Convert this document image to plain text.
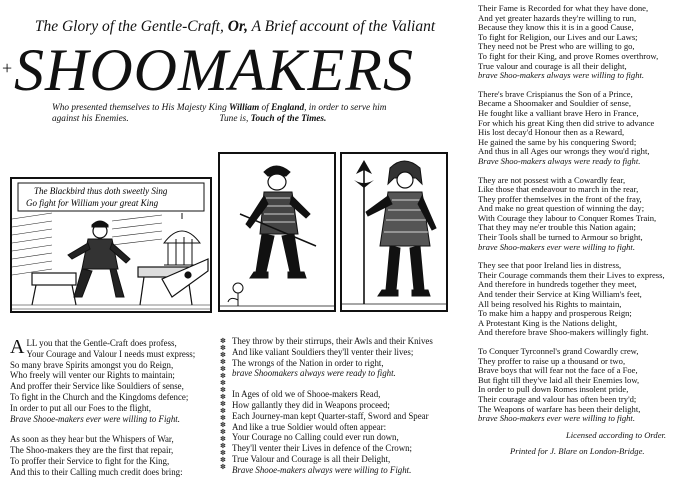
The Glory of the Gentle-Craft, Or, A Brief account of the Valiant
+ SHOOMAKERS
Who presented themselves to His Majesty King William of England, in order to serve him
against his Enemies.	Tune is, Touch of the Times.
The Blackbird thus doth sweetly Sing
Go fight for William your great King
A LL you that the Gentle-Craft does profess,

Your Courage and Valour I needs must express;

So many brave Spirits amongst you do Reign,

Who freely will venter our Rights to maintain;

And proffer their Service like Souldiers of sense,

To fight in the Church and the Kingdoms defence;

In order to put all our Foes to the flight,

Brave Shooe-makers ever were willing to Fight.

As soon as they hear but the Whispers of War,

The Shoo-makers they are the first that repair,

To proffer their Service to fight for the King,

And this to their Calling much credit does bring:

✽
✽
✽
✽
✽
✽
✽
✽
✽
✽
✽
✽
✽
✽
✽
✽
✽
✽
✽

They throw by their stirrups, their Awls and their Knives

And like valiant Souldiers they'll venter their lives;

The wrongs of the Nation in order to right,

brave Shoomakers always were ready to fight.

In Ages of old we of Shooe-makers Read,

How gallantly they did in Weapons proceed;

Each Journey-man kept Quarter-staff, Sword and Spear

And like a true Soldier would often appear:

Your Courage no Calling could ever run down,

They'll venter their Lives in defence of the Crown;

True Valour and Courage is all their Delight,

Brave Shooe-makers always were willing to Fight.

Their Fame is Recorded for what they have done,

And yet greater hazards they're willing to run,

Because they know this it is in a good Cause,

To fight for Religion, our Lives and our Laws;

They need not be Prest who are willing to go,

To fight for their King, and prove Romes overthrow,

True valour and courage is all their delight,

brave Shoo-makers always were willing to fight.

There's brave Crispianus the Son of a Prince,

Became a Shoomaker and Souldier of sense,

He fought like a valliant brave Hero in France,

For which his great King then did strive to advance

His lost decay'd Honour then as a Reward,

He gained the same by his conquering Sword;

And thus in all Ages our wrongs they wou'd right,

Brave Shoo-makers always were ready to fight.

They are not possest with a Cowardly fear,

Like those that endeavour to march in the rear,

They proffer themselves in the front of the fray,

And make no great question of winning the day;

With Courage they labour to Conquer Romes Train,

That they may ne'er trouble this Nation again;

Their Tools shall be turned to Armour so bright,

brave Shoo-makers ever were willing to fight.

They see that poor Ireland lies in distress,

Their Courage commands them their Lives to express,

And therefore in hundreds together they meet,

And tender their Service at King William's feet,

All being resolved his Rights to maintain,

To make him a happy and prosperous Reign;

A Protestant King is the Nations delight,

And therefore brave Shoo-makers willingly fight.

To Conquer Tyrconnel's grand Cowardly crew,

They proffer to raise up a thousand or two,

Brave boys that will fear not the face of a Foe,

But fight till they've laid all their Enemies low,

In order to pull down Romes insolent pride,

Their courage and valour has often been try'd;

The Weapons of warfare has been their delight,

brave Shoo-makers ever were willing to fight.

Licensed according to Order.
Printed for J. Blare on London-Bridge.
